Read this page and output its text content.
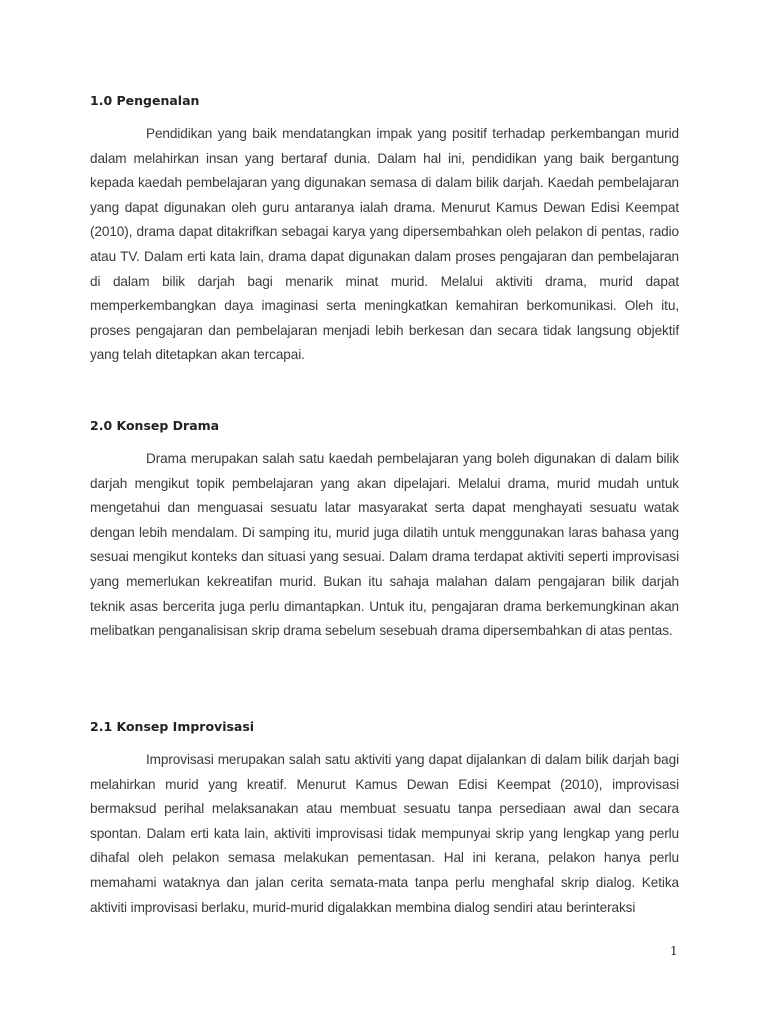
1.0 Pengenalan

Pendidikan yang baik mendatangkan impak yang positif terhadap perkembangan murid dalam melahirkan insan yang bertaraf dunia. Dalam hal ini, pendidikan yang baik bergantung kepada kaedah pembelajaran yang digunakan semasa di dalam bilik darjah. Kaedah pembelajaran yang dapat digunakan oleh guru antaranya ialah drama. Menurut Kamus Dewan Edisi Keempat (2010), drama dapat ditakrifkan sebagai karya yang dipersembahkan oleh pelakon di pentas, radio atau TV. Dalam erti kata lain, drama dapat digunakan dalam proses pengajaran dan pembelajaran di dalam bilik darjah bagi menarik minat murid. Melalui aktiviti drama, murid dapat memperkembangkan daya imaginasi serta meningkatkan kemahiran berkomunikasi. Oleh itu, proses pengajaran dan pembelajaran menjadi lebih berkesan dan secara tidak langsung objektif yang telah ditetapkan akan tercapai.

2.0 Konsep Drama

Drama merupakan salah satu kaedah pembelajaran yang boleh digunakan di dalam bilik darjah mengikut topik pembelajaran yang akan dipelajari. Melalui drama, murid mudah untuk mengetahui dan menguasai sesuatu latar masyarakat serta dapat menghayati sesuatu watak dengan lebih mendalam. Di samping itu, murid juga dilatih untuk menggunakan laras bahasa yang sesuai mengikut konteks dan situasi yang sesuai. Dalam drama terdapat aktiviti seperti improvisasi yang memerlukan kekreatifan murid. Bukan itu sahaja malahan dalam pengajaran bilik darjah teknik asas bercerita juga perlu dimantapkan. Untuk itu, pengajaran drama berkemungkinan akan melibatkan penganalisisan skrip drama sebelum sesebuah drama dipersembahkan di atas pentas.

2.1 Konsep Improvisasi

Improvisasi merupakan salah satu aktiviti yang dapat dijalankan di dalam bilik darjah bagi melahirkan murid yang kreatif. Menurut Kamus Dewan Edisi Keempat (2010), improvisasi bermaksud perihal melaksanakan atau membuat sesuatu tanpa persediaan awal dan secara spontan. Dalam erti kata lain, aktiviti improvisasi tidak mempunyai skrip yang lengkap yang perlu dihafal oleh pelakon semasa melakukan pementasan. Hal ini kerana, pelakon hanya perlu memahami wataknya dan jalan cerita semata-mata tanpa perlu menghafal skrip dialog. Ketika aktiviti improvisasi berlaku, murid-murid digalakkan membina dialog sendiri atau berinteraksi

1
